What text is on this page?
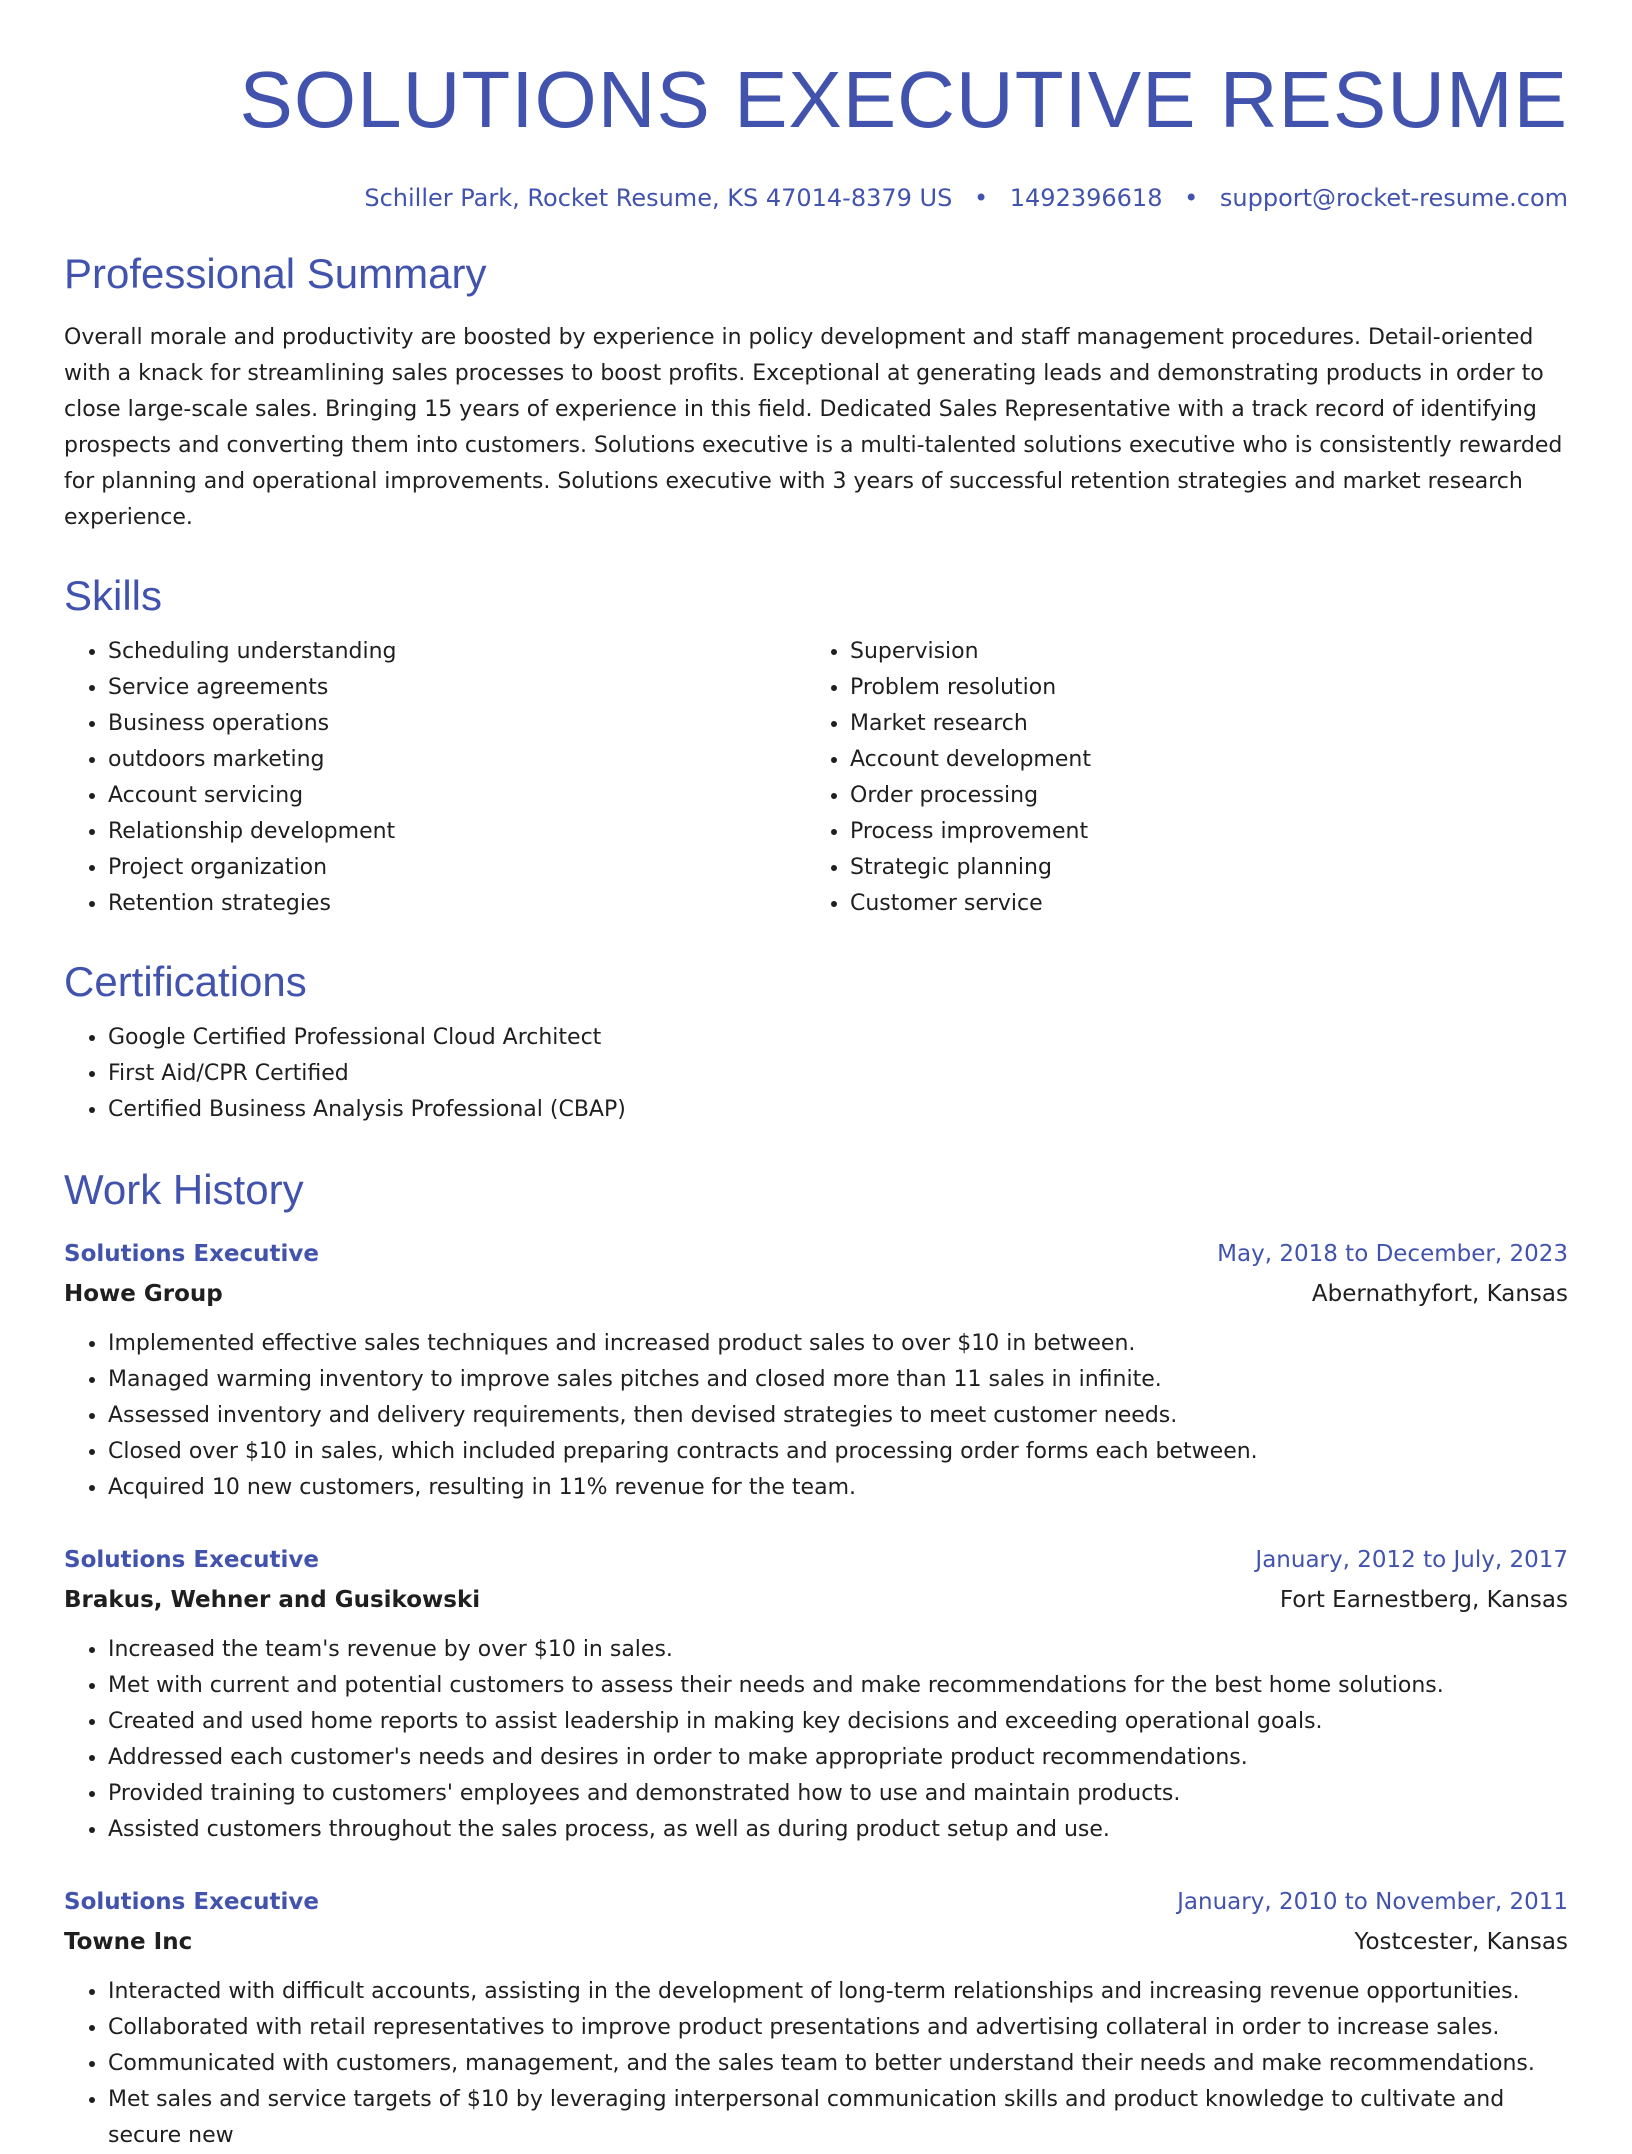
SOLUTIONS EXECUTIVE RESUME
Schiller Park, Rocket Resume, KS 47014-8379 US • 1492396618 • support@rocket-resume.com
Professional Summary

Overall morale and productivity are boosted by experience in policy development and staff management procedures. Detail-oriented with a knack for streamlining sales processes to boost profits. Exceptional at generating leads and demonstrating products in order to close large-scale sales. Bringing 15 years of experience in this field. Dedicated Sales Representative with a track record of identifying prospects and converting them into customers. Solutions executive is a multi-talented solutions executive who is consistently rewarded for planning and operational improvements. Solutions executive with 3 years of successful retention strategies and market research experience.

Skills
• Scheduling understanding
• Service agreements
• Business operations
• outdoors marketing
• Account servicing
• Relationship development
• Project organization
• Retention strategies
• Supervision
• Problem resolution
• Market research
• Account development
• Order processing
• Process improvement
• Strategic planning
• Customer service
Certifications
• Google Certified Professional Cloud Architect
• First Aid/CPR Certified
• Certified Business Analysis Professional (CBAP)
Work History
Solutions Executive	May, 2018 to December, 2023
Howe Group	Abernathyfort, Kansas
• Implemented effective sales techniques and increased product sales to over $10 in between.
• Managed warming inventory to improve sales pitches and closed more than 11 sales in infinite.
• Assessed inventory and delivery requirements, then devised strategies to meet customer needs.
• Closed over $10 in sales, which included preparing contracts and processing order forms each between.
• Acquired 10 new customers, resulting in 11% revenue for the team.
Solutions Executive	January, 2012 to July, 2017
Brakus, Wehner and Gusikowski	Fort Earnestberg, Kansas
• Increased the team's revenue by over $10 in sales.
• Met with current and potential customers to assess their needs and make recommendations for the best home solutions.
• Created and used home reports to assist leadership in making key decisions and exceeding operational goals.
• Addressed each customer's needs and desires in order to make appropriate product recommendations.
• Provided training to customers' employees and demonstrated how to use and maintain products.
• Assisted customers throughout the sales process, as well as during product setup and use.
Solutions Executive	January, 2010 to November, 2011
Towne Inc	Yostcester, Kansas
• Interacted with difficult accounts, assisting in the development of long-term relationships and increasing revenue opportunities.
• Collaborated with retail representatives to improve product presentations and advertising collateral in order to increase sales.
• Communicated with customers, management, and the sales team to better understand their needs and make recommendations.
• Met sales and service targets of $10 by leveraging interpersonal communication skills and product knowledge to cultivate and secure new
